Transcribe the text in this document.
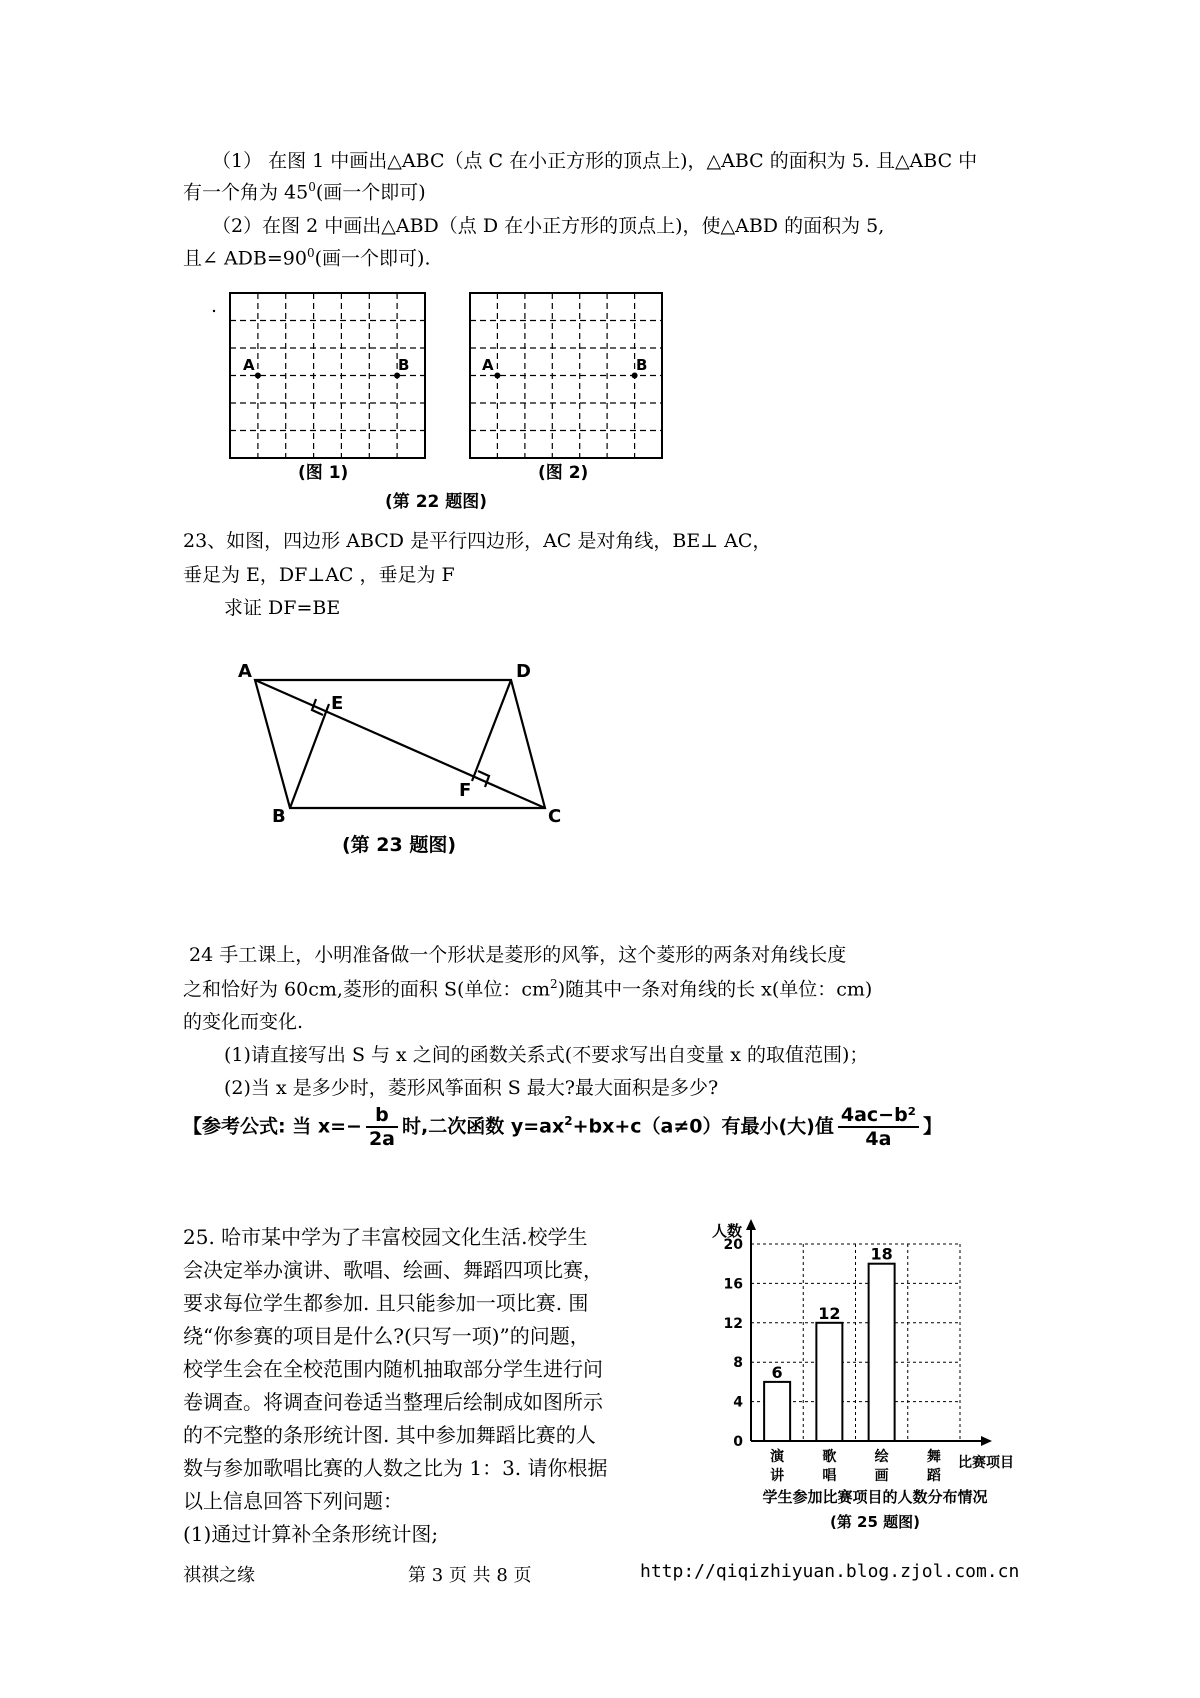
（1） 在图 1 中画出△ABC（点 C 在小正方形的顶点上)，△ABC 的面积为 5. 且△ABC 中
有一个角为 $45^0$(画一个即可)
（2）在图 2 中画出△ABD（点 D 在小正方形的顶点上)，使△ABD 的面积为 5,
且∠ $ADB=90^0$(画一个即可).
A	B	A	B
(图 1)	(图 2)
(第 22 题图)
23、如图，四边形 ABCD 是平行四边形，AC 是对角线，BE⊥ AC，
垂足为 E，DF⊥AC ，垂足为 F
求证 DF=BE
A	D
E
F
B	C
(第 23 题图)
24 手工课上，小明准备做一个形状是菱形的风筝，这个菱形的两条对角线长度
之和恰好为 60cm,菱形的面积 S(单位：$cm^2$)随其中一条对角线的长 x(单位：cm)
的变化而变化.
(1)请直接写出 S 与 x 之间的函数关系式(不要求写出自变量 x 的取值范围)；
(2)当 x 是多少时，菱形风筝面积 S 最大?最大面积是多少?
【参考公式: 当 $x=- \frac{b}{2a}$ 时,二次函数 $y=ax^2+bx+c(a\ne 0)$有最小(大)值 $\frac{\text{4ac−b²}}{4a}$ 】
25. 哈市某中学为了丰富校园文化生活.校学生
会决定举办演讲、歌唱、绘画、舞蹈四项比赛，
要求每位学生都参加. 且只能参加一项比赛. 围
绕“你参赛的项目是什么?(只写一项)”的问题，
校学生会在全校范围内随机抽取部分学生进行问
卷调查。将调查问卷适当整理后绘制成如图所示
的不完整的条形统计图. 其中参加舞蹈比赛的人
数与参加歌唱比赛的人数之比为 1：3. 请你根据
以上信息回答下列问题：
(1)通过计算补全条形统计图;
0
4
8
12
16
20
6
12
18
演
讲
歌
唱
绘
画
舞
蹈
人数
比赛项目
学生参加比赛项目的人数分布情况
(第 25 题图)
祺祺之缘	第 3 页 共 8 页	http://qiqizhiyuan.blog.zjol.com.cn
